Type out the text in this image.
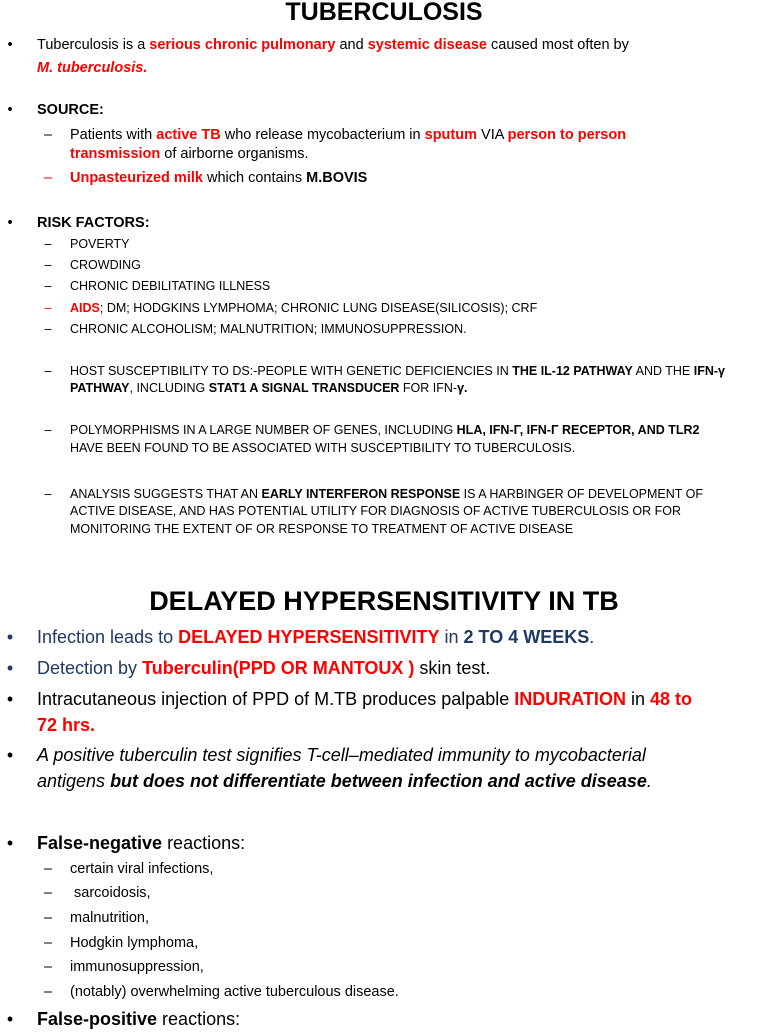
TUBERCULOSIS
• Tuberculosis is a serious chronic pulmonary and systemic disease caused most often by
M. tuberculosis.
• SOURCE:
– Patients with active TB who release mycobacterium in sputum VIA person to person
transmission of airborne organisms.
– Unpasteurized milk which contains M.BOVIS
• RISK FACTORS:
– POVERTY
– CROWDING
– CHRONIC DEBILITATING ILLNESS
– AIDS; DM; HODGKINS LYMPHOMA; CHRONIC LUNG DISEASE(SILICOSIS); CRF
– CHRONIC ALCOHOLISM; MALNUTRITION; IMMUNOSUPPRESSION.
– HOST SUSCEPTIBILITY TO DS:-PEOPLE WITH GENETIC DEFICIENCIES IN THE IL-12 PATHWAY AND THE IFN-γ
PATHWAY, INCLUDING STAT1 A SIGNAL TRANSDUCER FOR IFN-γ.
– POLYMORPHISMS IN A LARGE NUMBER OF GENES, INCLUDING HLA, IFN-Γ, IFN-Γ RECEPTOR, AND TLR2
HAVE BEEN FOUND TO BE ASSOCIATED WITH SUSCEPTIBILITY TO TUBERCULOSIS.
– ANALYSIS SUGGESTS THAT AN EARLY INTERFERON RESPONSE IS A HARBINGER OF DEVELOPMENT OF
ACTIVE DISEASE, AND HAS POTENTIAL UTILITY FOR DIAGNOSIS OF ACTIVE TUBERCULOSIS OR FOR
MONITORING THE EXTENT OF OR RESPONSE TO TREATMENT OF ACTIVE DISEASE
DELAYED HYPERSENSITIVITY IN TB
• Infection leads to DELAYED HYPERSENSITIVITY in 2 TO 4 WEEKS.
• Detection by Tuberculin(PPD OR MANTOUX ) skin test.
• Intracutaneous injection of PPD of M.TB produces palpable INDURATION in 48 to
72 hrs.
• A positive tuberculin test signifies T-cell–mediated immunity to mycobacterial
antigens but does not differentiate between infection and active disease.
• False-negative reactions:
– certain viral infections,
– sarcoidosis,
– malnutrition,
– Hodgkin lymphoma,
– immunosuppression,
– (notably) overwhelming active tuberculous disease.
• False-positive reactions:
